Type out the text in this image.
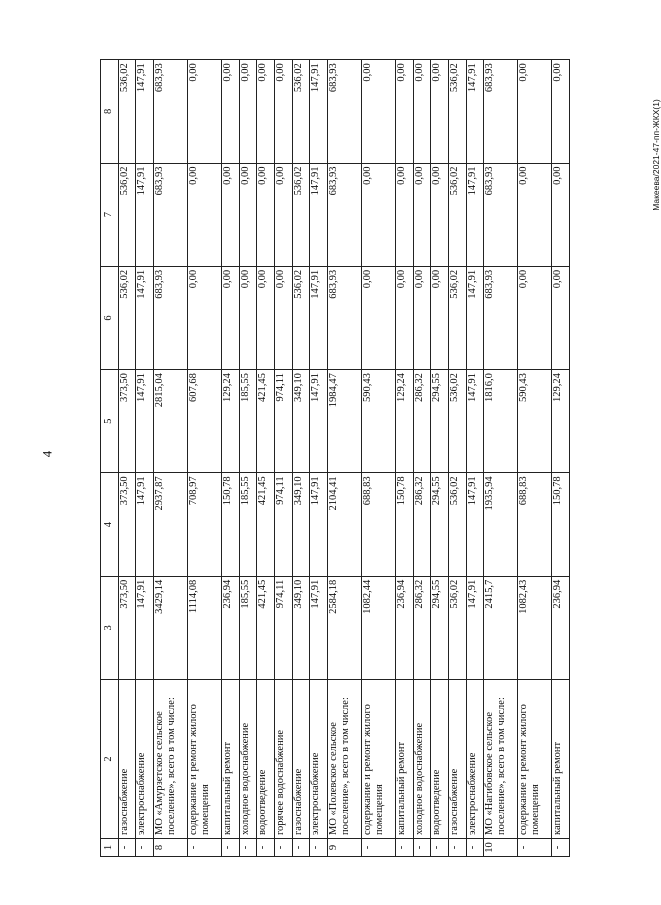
4
Макеева/2021-47-пп-ЖКХ(1)
1	2	3	4	5	6	7	8
-	газоснабжение	373,50	373,50	373,50	536,02	536,02	536,02
-	электроснабжение	147,91	147,91	147,91	147,91	147,91	147,91
8	МО «Амурзетское сельское поселение», всего в том числе:	3429,14	2937,87	2815,04	683,93	683,93	683,93
-	содержание и ремонт жилого помещения	1114,08	708,97	607,68	0,00	0,00	0,00
-	капитальный ремонт	236,94	150,78	129,24	0,00	0,00	0,00
-	холодное водоснабжение	185,55	185,55	185,55	0,00	0,00	0,00
-	водоотведение	421,45	421,45	421,45	0,00	0,00	0,00
-	горячее водоснабжение	974,11	974,11	974,11	0,00	0,00	0,00
-	газоснабжение	349,10	349,10	349,10	536,02	536,02	536,02
-	электроснабжение	147,91	147,91	147,91	147,91	147,91	147,91
9	МО «Полевское сельское поселение», всего в том числе:	2584,18	2104,41	1984,47	683,93	683,93	683,93
-	содержание и ремонт жилого помещения	1082,44	688,83	590,43	0,00	0,00	0,00
-	капитальный ремонт	236,94	150,78	129,24	0,00	0,00	0,00
-	холодное водоснабжение	286,32	286,32	286,32	0,00	0,00	0,00
-	водоотведение	294,55	294,55	294,55	0,00	0,00	0,00
-	газоснабжение	536,02	536,02	536,02	536,02	536,02	536,02
-	электроснабжение	147,91	147,91	147,91	147,91	147,91	147,91
10	МО «Нагибовское сельское поселение», всего в том числе:	2415,7	1935,94	1816,0	683,93	683,93	683,93
-	содержание и ремонт жилого помещения	1082,43	688,83	590,43	0,00	0,00	0,00
-	капитальный ремонт	236,94	150,78	129,24	0,00	0,00	0,00
